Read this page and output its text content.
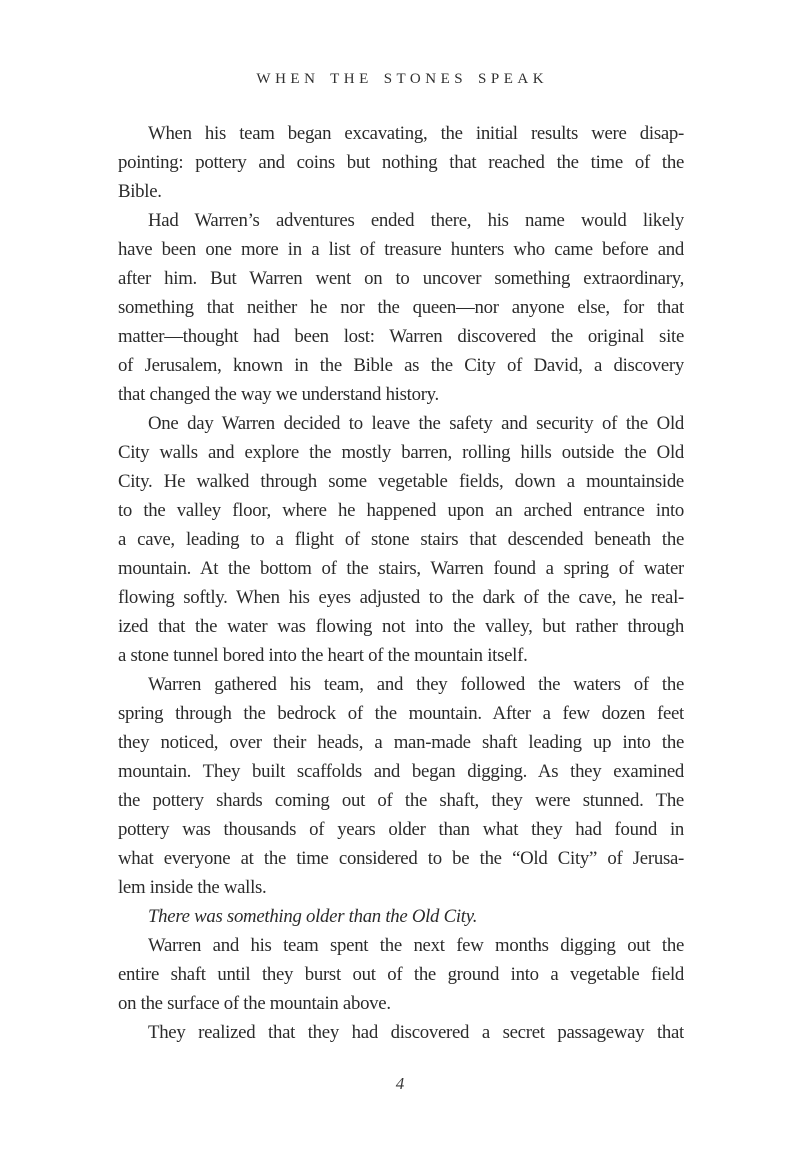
WHEN THE STONES SPEAK

When his team began excavating, the initial results were disap-
pointing: pottery and coins but nothing that reached the time of the
Bible.

Had Warren’s adventures ended there, his name would likely
have been one more in a list of treasure hunters who came before and
after him. But Warren went on to uncover something extraordinary,
something that neither he nor the queen—nor anyone else, for that
matter—thought had been lost: Warren discovered the original site
of Jerusalem, known in the Bible as the City of David, a discovery
that changed the way we understand history.

One day Warren decided to leave the safety and security of the Old
City walls and explore the mostly barren, rolling hills outside the Old
City. He walked through some vegetable fields, down a mountainside
to the valley floor, where he happened upon an arched entrance into
a cave, leading to a flight of stone stairs that descended beneath the
mountain. At the bottom of the stairs, Warren found a spring of water
flowing softly. When his eyes adjusted to the dark of the cave, he real-
ized that the water was flowing not into the valley, but rather through
a stone tunnel bored into the heart of the mountain itself.

Warren gathered his team, and they followed the waters of the
spring through the bedrock of the mountain. After a few dozen feet
they noticed, over their heads, a man-made shaft leading up into the
mountain. They built scaffolds and began digging. As they examined
the pottery shards coming out of the shaft, they were stunned. The
pottery was thousands of years older than what they had found in
what everyone at the time considered to be the “Old City” of Jerusa-
lem inside the walls.

There was something older than the Old City.

Warren and his team spent the next few months digging out the
entire shaft until they burst out of the ground into a vegetable field
on the surface of the mountain above.

They realized that they had discovered a secret passageway that

4
